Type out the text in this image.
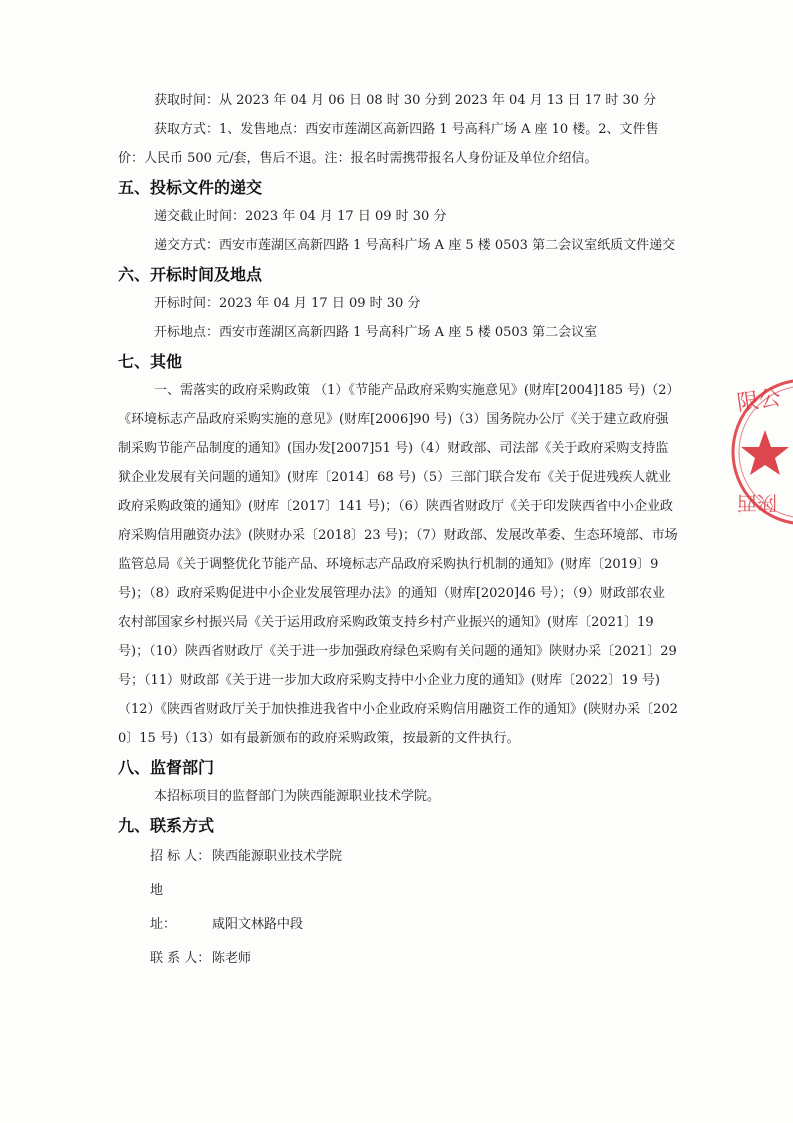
获取时间：从 2023 年 04 月 06 日 08 时 30 分到 2023 年 04 月 13 日 17 时 30 分

获取方式：1、发售地点：西安市莲湖区高新四路 1 号高科广场 A 座 10 楼。2、文件售价：人民币 500 元/套，售后不退。注：报名时需携带报名人身份证及单位介绍信。

五、投标文件的递交

递交截止时间：2023 年 04 月 17 日 09 时 30 分

递交方式：西安市莲湖区高新四路 1 号高科广场 A 座 5 楼 0503 第二会议室纸质文件递交

六、开标时间及地点

开标时间：2023 年 04 月 17 日 09 时 30 分

开标地点：西安市莲湖区高新四路 1 号高科广场 A 座 5 楼 0503 第二会议室

七、其他

一、需落实的政府采购政策 （1）《节能产品政府采购实施意见》(财库[2004]185 号)（2）《环境标志产品政府采购实施的意见》(财库[2006]90 号)（3）国务院办公厅《关于建立政府强制采购节能产品制度的通知》(国办发[2007]51 号)（4）财政部、司法部《关于政府采购支持监狱企业发展有关问题的通知》(财库〔2014〕68 号)（5）三部门联合发布《关于促进残疾人就业政府采购政策的通知》(财库〔2017〕141 号)；（6）陕西省财政厅《关于印发陕西省中小企业政府采购信用融资办法》(陕财办采〔2018〕23 号)；（7）财政部、发展改革委、生态环境部、市场监管总局《关于调整优化节能产品、环境标志产品政府采购执行机制的通知》(财库〔2019〕9 号)；（8）政府采购促进中小企业发展管理办法》的通知（财库[2020]46 号）；（9）财政部农业农村部国家乡村振兴局《关于运用政府采购政策支持乡村产业振兴的通知》(财库〔2021〕19 号)；（10）陕西省财政厅《关于进一步加强政府绿色采购有关问题的通知》陕财办采〔2021〕29 号；（11）财政部《关于进一步加大政府采购支持中小企业力度的通知》(财库〔2022〕19 号)（12）《陕西省财政厅关于加快推进我省中小企业政府采购信用融资工作的通知》(陕财办采〔2020〕15 号)（13）如有最新颁布的政府采购政策，按最新的文件执行。

八、监督部门

本招标项目的监督部门为陕西能源职业技术学院。

九、联系方式
招 标 人： 陕西能源职业技术学院
地　　址：	咸阳文林路中段
联 系 人： 陈老师
限公
陕西
